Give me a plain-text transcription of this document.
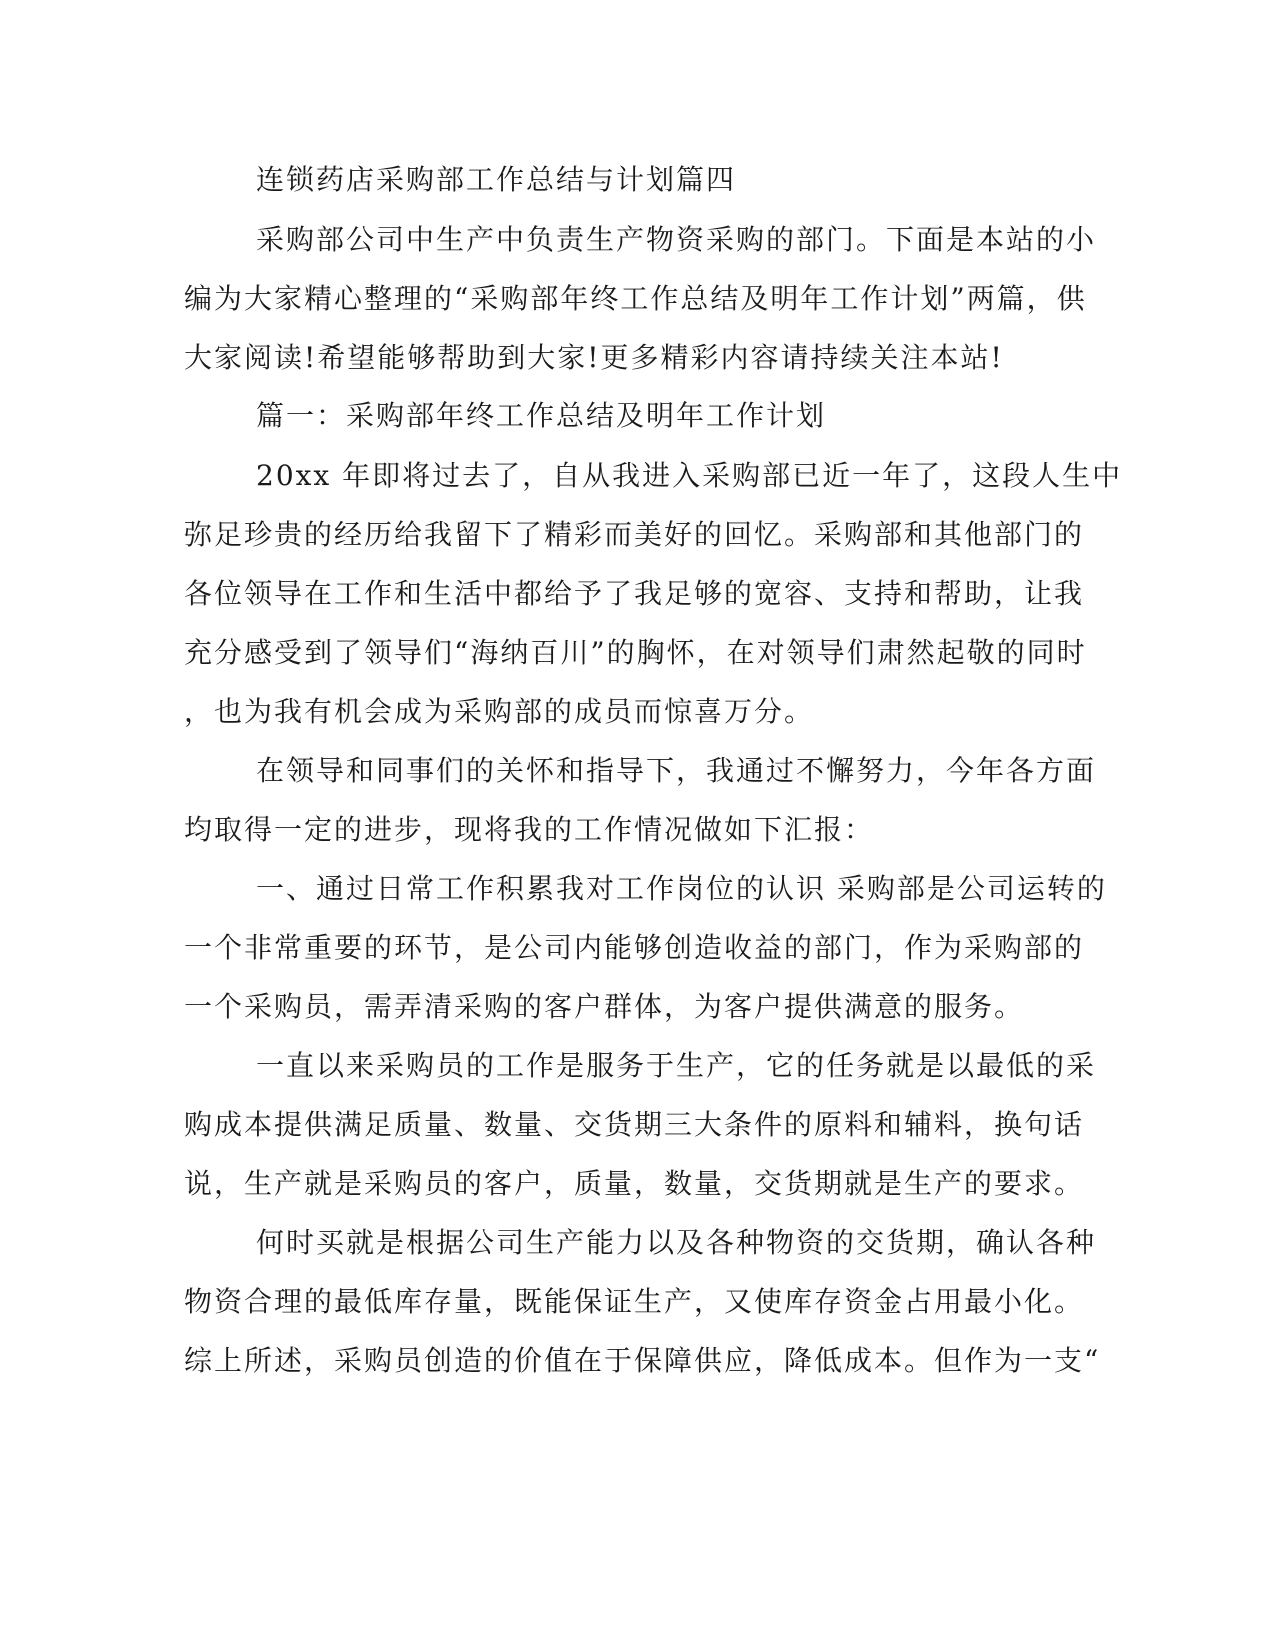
连锁药店采购部工作总结与计划篇四
采购部公司中生产中负责生产物资采购的部门。下面是本站的小
编为大家精心整理的“采购部年终工作总结及明年工作计划”两篇，供
大家阅读!希望能够帮助到大家!更多精彩内容请持续关注本站!
篇一：采购部年终工作总结及明年工作计划
20xx 年即将过去了，自从我进入采购部已近一年了，这段人生中
弥足珍贵的经历给我留下了精彩而美好的回忆。采购部和其他部门的
各位领导在工作和生活中都给予了我足够的宽容、支持和帮助，让我
充分感受到了领导们“海纳百川”的胸怀，在对领导们肃然起敬的同时
，也为我有机会成为采购部的成员而惊喜万分。
在领导和同事们的关怀和指导下，我通过不懈努力，今年各方面
均取得一定的进步，现将我的工作情况做如下汇报：
一、通过日常工作积累我对工作岗位的认识 采购部是公司运转的
一个非常重要的环节，是公司内能够创造收益的部门，作为采购部的
一个采购员，需弄清采购的客户群体，为客户提供满意的服务。
一直以来采购员的工作是服务于生产，它的任务就是以最低的采
购成本提供满足质量、数量、交货期三大条件的原料和辅料，换句话
说，生产就是采购员的客户，质量，数量，交货期就是生产的要求。
何时买就是根据公司生产能力以及各种物资的交货期，确认各种
物资合理的最低库存量，既能保证生产，又使库存资金占用最小化。
综上所述，采购员创造的价值在于保障供应，降低成本。但作为一支“
